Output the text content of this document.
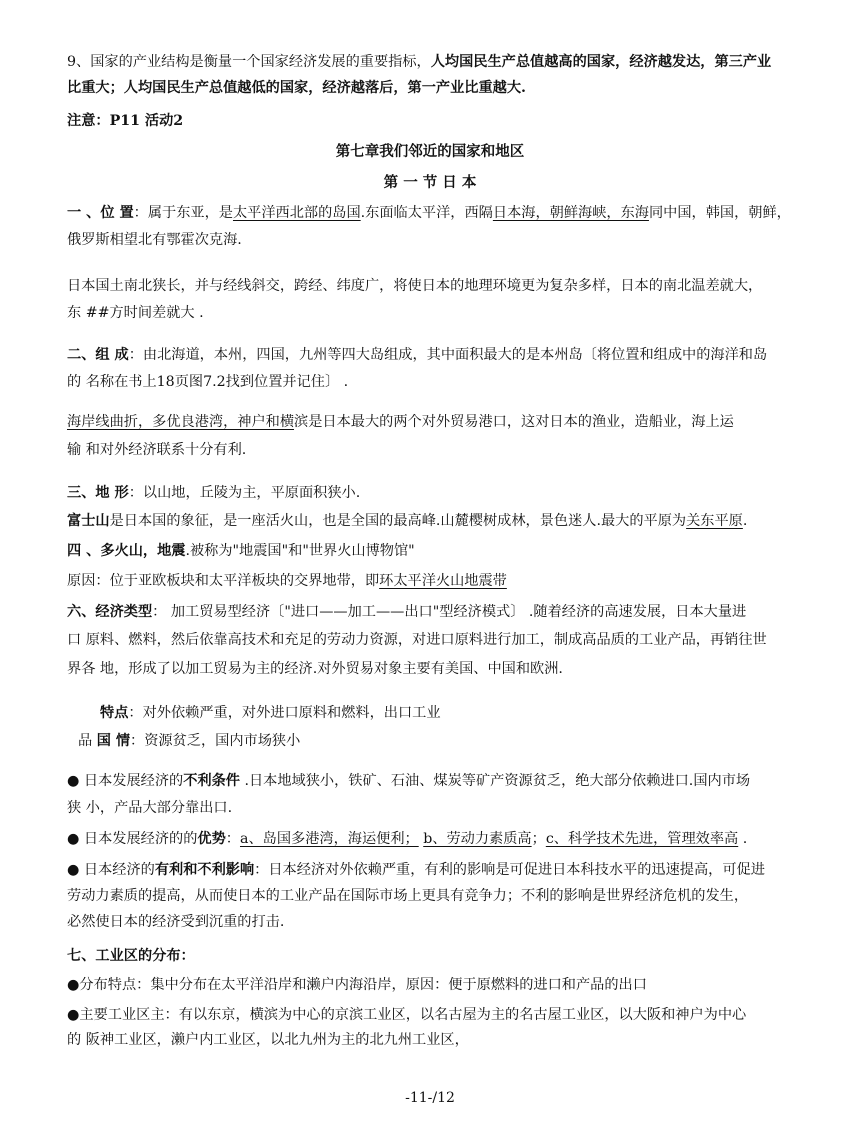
9、国家的产业结构是衡量一个国家经济发展的重要指标，人均国民生产总值越高的国家，经济越发达，第三产业
比重大；人均国民生产总值越低的国家，经济越落后，第一产业比重越大.
注意：P11 活动2
第七章我们邻近的国家和地区
第 一 节 日 本
一 、位 置：属于东亚，是太平洋西北部的岛国.东面临太平洋，西隔日本海，朝鲜海峡，东海同中国，韩国，朝鲜，
俄罗斯相望北有鄂霍次克海.
日本国土南北狭长，并与经线斜交，跨经、纬度广，将使日本的地理环境更为复杂多样，日本的南北温差就大，
东 ##方时间差就大 .
二、组 成：由北海道，本州，四国，九州等四大岛组成，其中面积最大的是本州岛〔将位置和组成中的海洋和岛
的 名称在书上18页图7.2找到位置并记住〕 .
海岸线曲折，多优良港湾，神户和横滨是日本最大的两个对外贸易港口，这对日本的渔业，造船业，海上运
输 和对外经济联系十分有利.
三、地 形：以山地，丘陵为主，平原面积狭小.
富士山是日本国的象征，是一座活火山，也是全国的最高峰.山麓樱树成林，景色迷人.最大的平原为关东平原.
四 、多火山，地震.被称为"地震国"和"世界火山博物馆"
原因：位于亚欧板块和太平洋板块的交界地带，即环太平洋火山地震带
六、经济类型： 加工贸易型经济〔"进口——加工——出口"型经济模式〕 .随着经济的高速发展，日本大量进
口 原料、燃料，然后依靠高技术和充足的劳动力资源，对进口原料进行加工，制成高品质的工业产品，再销往世
界各 地，形成了以加工贸易为主的经济.对外贸易对象主要有美国、中国和欧洲.
特点：对外依赖严重，对外进口原料和燃料，出口工业
品 国 情：资源贫乏，国内市场狭小
● 日本发展经济的不利条件 .日本地域狭小，铁矿、石油、煤炭等矿产资源贫乏，绝大部分依赖进口.国内市场
狭 小，产品大部分靠出口.
● 日本发展经济的的优势：a、岛国多港湾，海运便利； b、劳动力素质高；c、科学技术先进，管理效率高 .
● 日本经济的有利和不利影响：日本经济对外依赖严重，有利的影响是可促进日本科技水平的迅速提高，可促进
劳动力素质的提高，从而使日本的工业产品在国际市场上更具有竞争力；不利的影响是世界经济危机的发生，
必然使日本的经济受到沉重的打击.
七、工业区的分布：
●分布特点：集中分布在太平洋沿岸和濑户内海沿岸，原因：便于原燃料的进口和产品的出口
●主要工业区主：有以东京，横滨为中心的京滨工业区，以名古屋为主的名古屋工业区，以大阪和神户为中心
的 阪神工业区，濑户内工业区，以北九州为主的北九州工业区，
-11-/12
